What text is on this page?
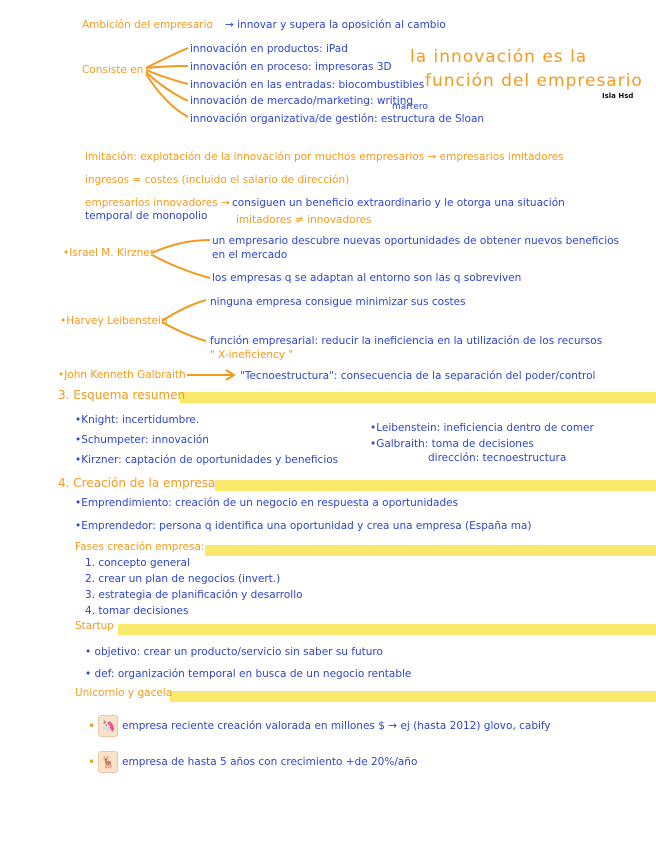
Ambición del empresario → innovar y supera la oposición al cambio
Consiste en
innovación en productos: iPad
innovación en proceso: impresoras 3D
innovación en las entradas: biocombustibles
innovación de mercado/marketing: writing
marrero
innovación organizativa/de gestión: estructura de Sloan
la innovación es la
función del empresario
Isla Hsd
imitación: explotación de la innovación por muchos empresarios → empresarios imitadores
ingresos = costes (incluido el salario de dirección)
empresarios innovadores → consiguen un beneficio extraordinario y le otorga una situación
temporal de monopolio	imitadores ≠ innovadores
•Israel M. Kirzner
un empresario descubre nuevas oportunidades de obtener nuevos beneficios
en el mercado
los empresas q se adaptan al entorno son las q sobreviven
•Harvey Leibenstein
ninguna empresa consigue minimizar sus costes
función empresarial: reducir la ineficiencia en la utilización de los recursos
" X-ineficiency "
•John Kenneth Galbraith	"Tecnoestructura": consecuencia de la separación del poder/control
3. Esquema resumen
•Knight: incertidumbre.
•Schumpeter: innovación
•Kirzner: captación de oportunidades y beneficios
•Leibenstein: ineficiencia dentro de comer
•Galbraith: toma de decisiones
dirección: tecnoestructura
4. Creación de la empresa
•Emprendimiento: creación de un negocio en respuesta a oportunidades
•Emprendedor: persona q identifica una oportunidad y crea una empresa (España ma)
Fases creación empresa:
1. concepto general
2. crear un plan de negocios (invert.)
3. estrategia de planificación y desarrollo
4. tomar decisiones
Startup
• objetivo: crear un producto/servicio sin saber su futuro
• def: organización temporal en busca de un negocio rentable
Unicornio y gacela
• 🦄 empresa reciente creación valorada en millones $ → ej (hasta 2012) glovo, cabify
• 🦌 empresa de hasta 5 años con crecimiento +de 20%/año
